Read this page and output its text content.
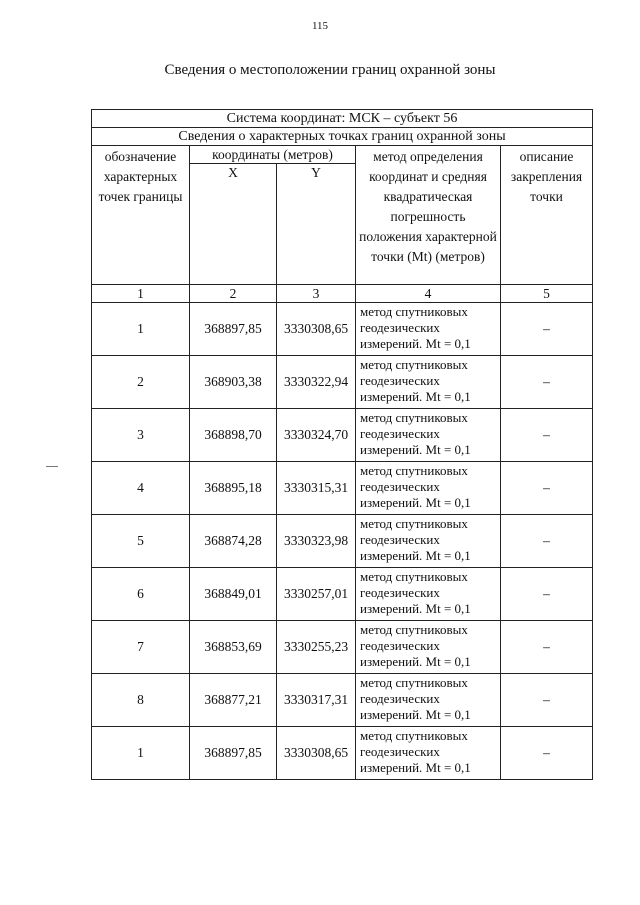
115
Сведения о местоположении границ охранной зоны
Система координат: МСК – субъект 56				
Сведения о характерных точках границ охранной зоны				
обозначение характерных точек границы	координаты (метров)		метод определения координат и средняя квадратическая погрешность положения характерной точки (Mt) (метров)	описание закрепления точки
	X	Y		
1	2	3	4	5
1	368897,85	3330308,65	метод спутниковых
геодезических
измерений. Mt = 0,1	–
2	368903,38	3330322,94	метод спутниковых
геодезических
измерений. Mt = 0,1	–
3	368898,70	3330324,70	метод спутниковых
геодезических
измерений. Mt = 0,1	–
4	368895,18	3330315,31	метод спутниковых
геодезических
измерений. Mt = 0,1	–
5	368874,28	3330323,98	метод спутниковых
геодезических
измерений. Mt = 0,1	–
6	368849,01	3330257,01	метод спутниковых
геодезических
измерений. Mt = 0,1	–
7	368853,69	3330255,23	метод спутниковых
геодезических
измерений. Mt = 0,1	–
8	368877,21	3330317,31	метод спутниковых
геодезических
измерений. Mt = 0,1	–
1	368897,85	3330308,65	метод спутниковых
геодезических
измерений. Mt = 0,1	–
